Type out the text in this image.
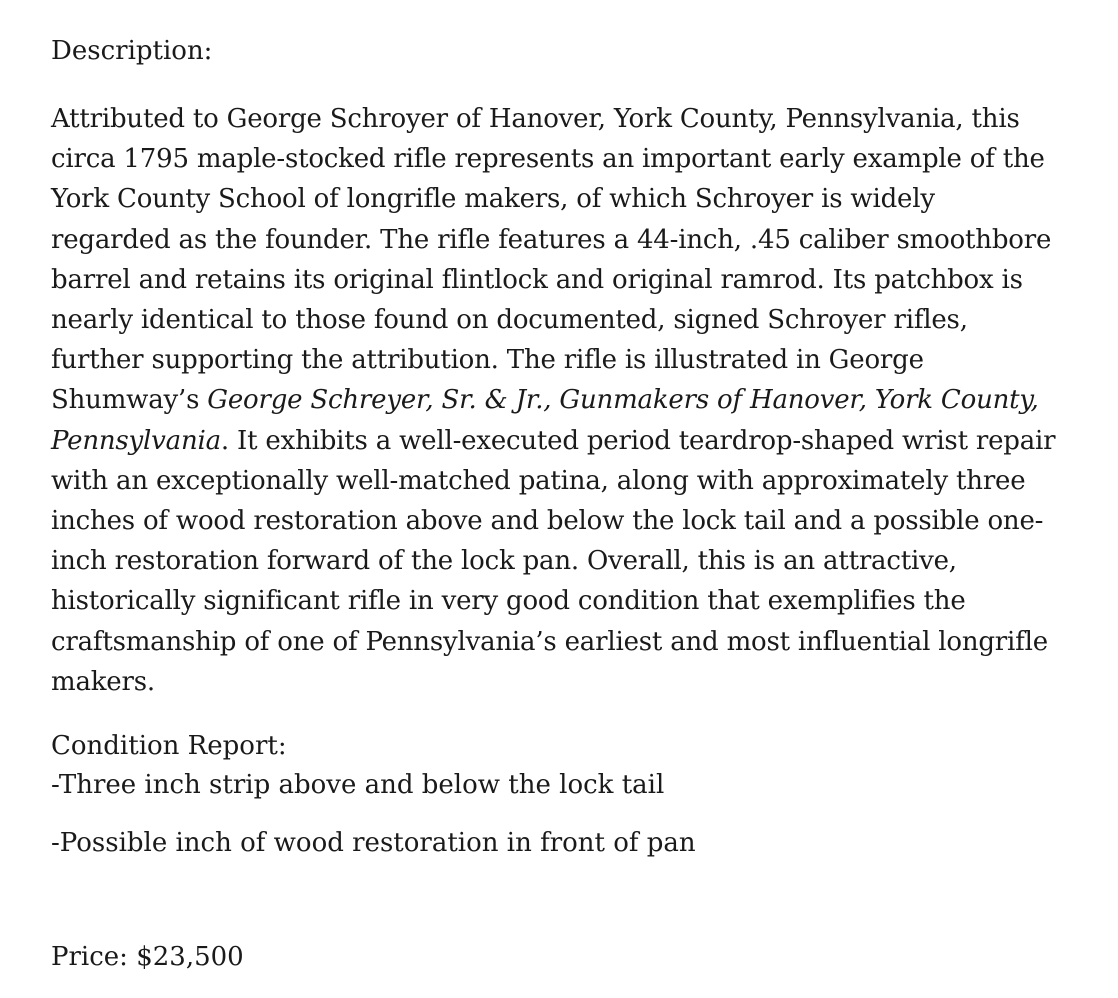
Description:

Attributed to George Schroyer of Hanover, York County, Pennsylvania, this circa 1795 maple-stocked rifle represents an important early example of the York County School of longrifle makers, of which Schroyer is widely regarded as the founder. The rifle features a 44-inch, .45 caliber smoothbore barrel and retains its original flintlock and original ramrod. Its patchbox is nearly identical to those found on documented, signed Schroyer rifles, further supporting the attribution. The rifle is illustrated in George Shumway’s George Schreyer, Sr. & Jr., Gunmakers of Hanover, York County, Pennsylvania. It exhibits a well-executed period teardrop-shaped wrist repair with an exceptionally well-matched patina, along with approximately three inches of wood restoration above and below the lock tail and a possible one-inch restoration forward of the lock pan. Overall, this is an attractive, historically significant rifle in very good condition that exemplifies the craftsmanship of one of Pennsylvania’s earliest and most influential longrifle makers.

Condition Report:

-Three inch strip above and below the lock tail

-Possible inch of wood restoration in front of pan

Price: $23,500
